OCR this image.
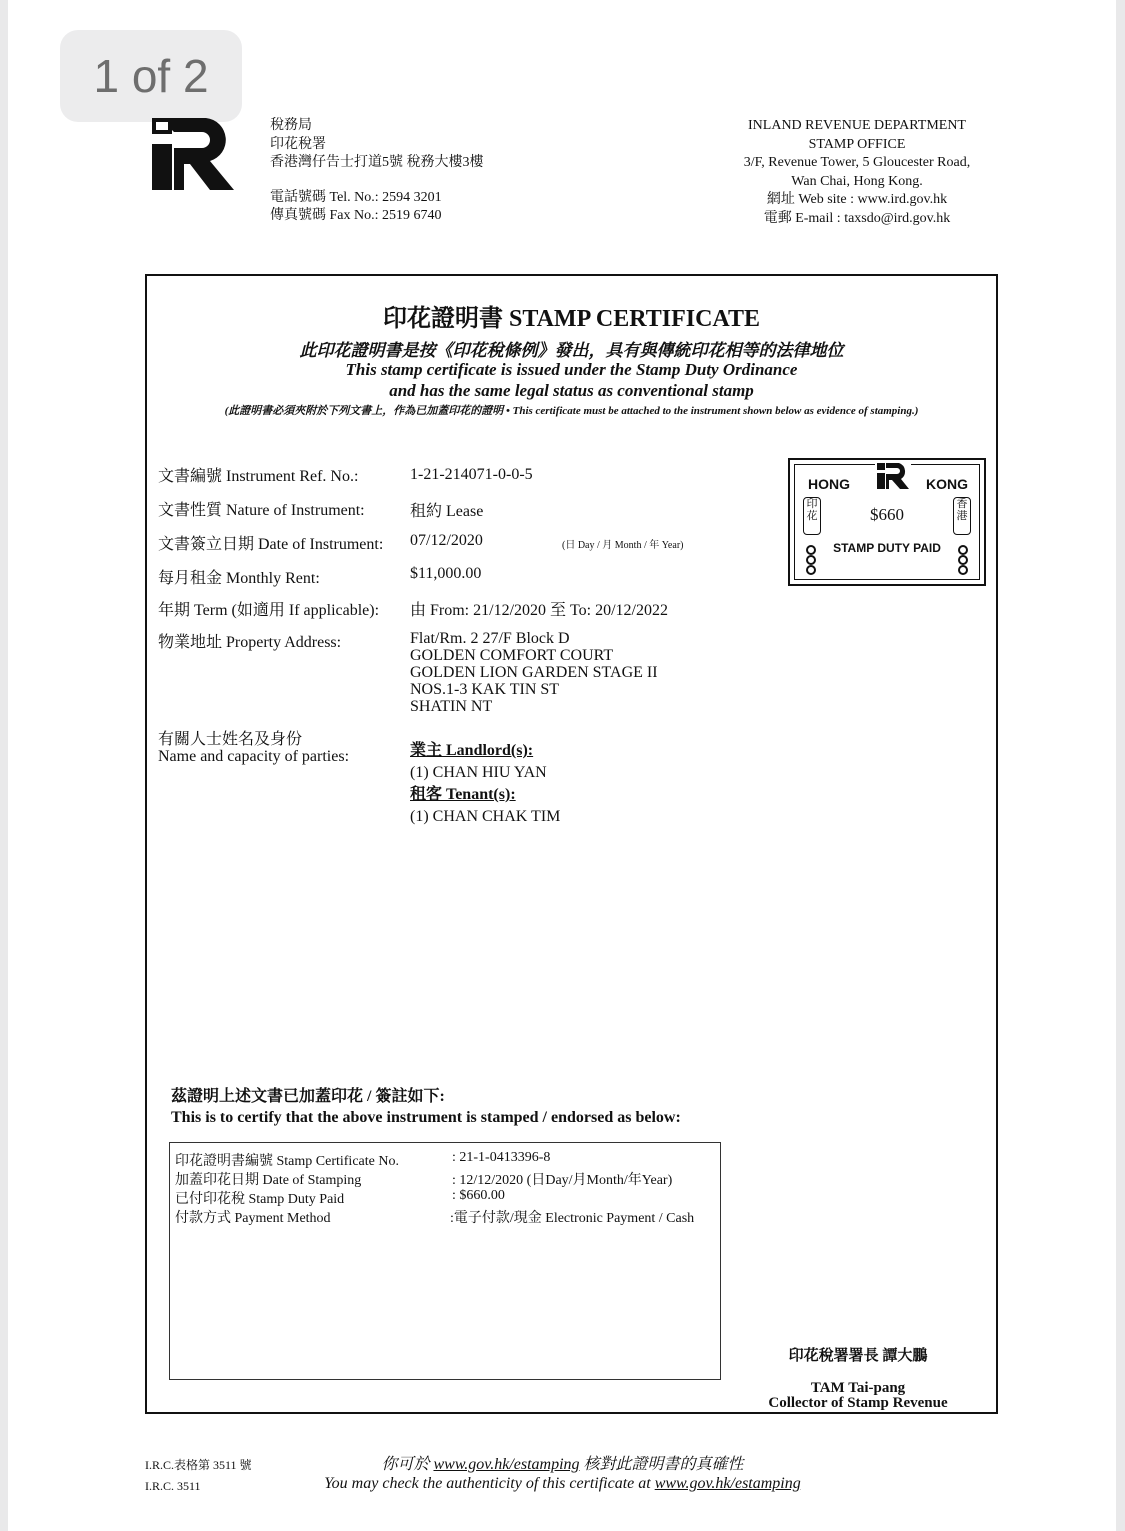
1 of 2
稅務局
印花稅署
香港灣仔告士打道5號 稅務大樓3樓
電話號碼 Tel. No.: 2594 3201
傳真號碼 Fax No.: 2519 6740
INLAND REVENUE DEPARTMENT
STAMP OFFICE
3/F, Revenue Tower, 5 Gloucester Road,
Wan Chai, Hong Kong.
網址 Web site : www.ird.gov.hk
電郵 E-mail : taxsdo@ird.gov.hk
印花證明書 STAMP CERTIFICATE
此印花證明書是按《印花稅條例》發出，具有與傳統印花相等的法律地位
This stamp certificate is issued under the Stamp Duty Ordinance
and has the same legal status as conventional stamp
(此證明書必須夾附於下列文書上，作為已加蓋印花的證明 • This certificate must be attached to the instrument shown below as evidence of stamping.)
文書編號 Instrument Ref. No.:	1-21-214071-0-0-5
文書性質 Nature of Instrument:	租約 Lease
文書簽立日期 Date of Instrument: 07/12/2020	(日 Day / 月 Month / 年 Year)
每月租金 Monthly Rent:	$11,000.00
年期 Term (如適用 If applicable): 由 From: 21/12/2020 至 To: 20/12/2022
物業地址 Property Address:	Flat/Rm. 2 27/F Block D
GOLDEN COMFORT COURT
GOLDEN LION GARDEN STAGE II
NOS.1-3 KAK TIN ST
SHATIN NT
有關人士姓名及身份
Name and capacity of parties:	業主 Landlord(s):
(1) CHAN HIU YAN
租客 Tenant(s):
(1) CHAN CHAK TIM
HONG	KONG
印花
香港
$660
STAMP DUTY PAID
茲證明上述文書已加蓋印花 / 簽註如下:
This is to certify that the above instrument is stamped / endorsed as below:
印花證明書編號 Stamp Certificate No.	: 21-1-0413396-8
加蓋印花日期 Date of Stamping	: 12/12/2020 (日Day/月Month/年Year)
已付印花稅 Stamp Duty Paid	: $660.00
付款方式 Payment Method	:電子付款/現金 Electronic Payment / Cash
印花稅署署長 譚大鵬
TAM Tai-pang
Collector of Stamp Revenue
I.R.C.表格第 3511 號
I.R.C. 3511
你可於 www.gov.hk/estamping 核對此證明書的真確性
You may check the authenticity of this certificate at www.gov.hk/estamping
